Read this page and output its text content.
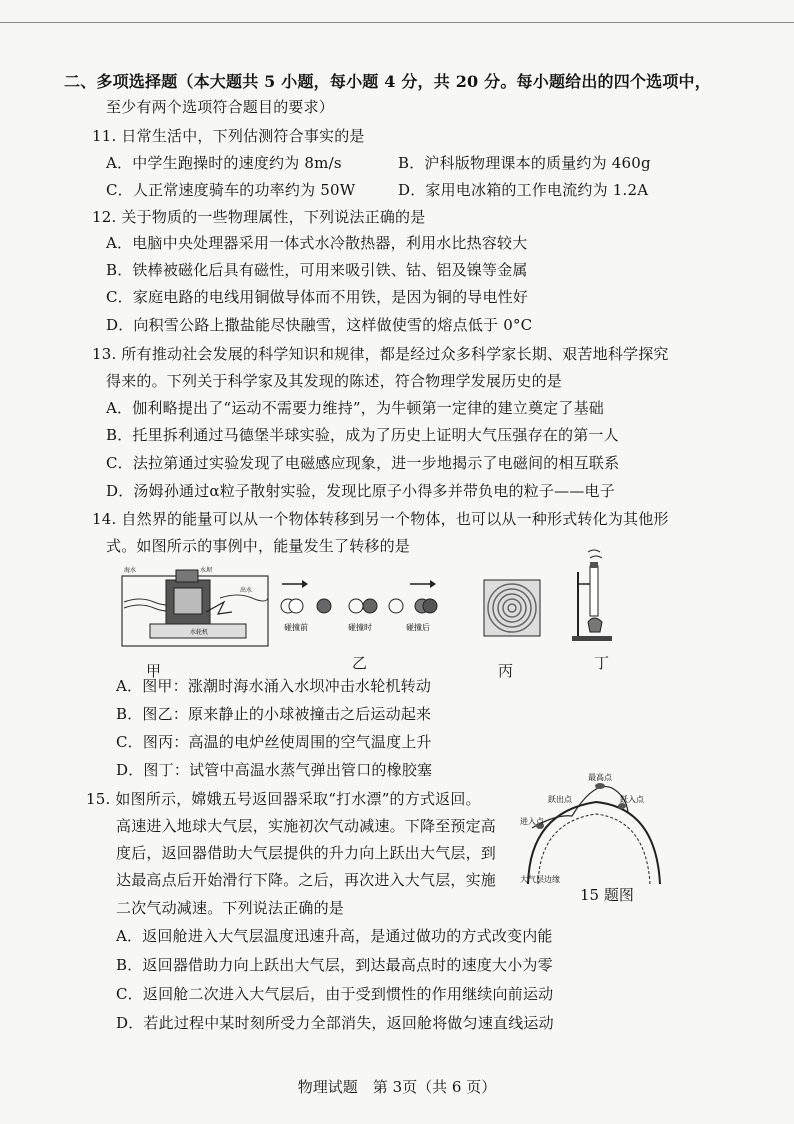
二、多项选择题（本大题共 5 小题，每小题 4 分，共 20 分。每小题给出的四个选项中，
至少有两个选项符合题目的要求）
11. 日常生活中，下列估测符合事实的是
A．中学生跑操时的速度约为 8m/s	B．沪科版物理课本的质量约为 460g
C．人正常速度骑车的功率约为 50W	D．家用电冰箱的工作电流约为 1.2A
12. 关于物质的一些物理属性，下列说法正确的是
A．电脑中央处理器采用一体式水冷散热器，利用水比热容较大
B．铁棒被磁化后具有磁性，可用来吸引铁、钴、铝及镍等金属
C．家庭电路的电线用铜做导体而不用铁，是因为铜的导电性好
D．向积雪公路上撒盐能尽快融雪，这样做使雪的熔点低于 0°C
13. 所有推动社会发展的科学知识和规律，都是经过众多科学家长期、艰苦地科学探究
得来的。下列关于科学家及其发现的陈述，符合物理学发展历史的是
A．伽利略提出了“运动不需要力维持”，为牛顿第一定律的建立奠定了基础
B．托里拆利通过马德堡半球实验，成为了历史上证明大气压强存在的第一人
C．法拉第通过实验发现了电磁感应现象，进一步地揭示了电磁间的相互联系
D．汤姆孙通过α粒子散射实验，发现比原子小得多并带负电的粒子——电子
14. 自然界的能量可以从一个物体转移到另一个物体，也可以从一种形式转化为其他形
式。如图所示的事例中，能量发生了转移的是
海水	水坝
水轮机
出水
碰撞前	碰撞时	碰撞后
甲	乙	丙	丁
A．图甲：涨潮时海水涌入水坝冲击水轮机转动
B．图乙：原来静止的小球被撞击之后运动起来
C．图丙：高温的电炉丝使周围的空气温度上升
D．图丁：试管中高温水蒸气弹出管口的橡胶塞
15. 如图所示，嫦娥五号返回器采取“打水漂”的方式返回。
高速进入地球大气层，实施初次气动减速。下降至预定高
度后，返回器借助大气层提供的升力向上跃出大气层，到
达最高点后开始滑行下降。之后，再次进入大气层，实施
二次气动减速。下列说法正确的是
最高点
跃出点	跃入点
进入点
大气层边缘
15 题图
A．返回舱进入大气层温度迅速升高，是通过做功的方式改变内能
B．返回器借助力向上跃出大气层，到达最高点时的速度大小为零
C．返回舱二次进入大气层后，由于受到惯性的作用继续向前运动
D．若此过程中某时刻所受力全部消失，返回舱将做匀速直线运动
物理试题　第 3页（共 6 页）
